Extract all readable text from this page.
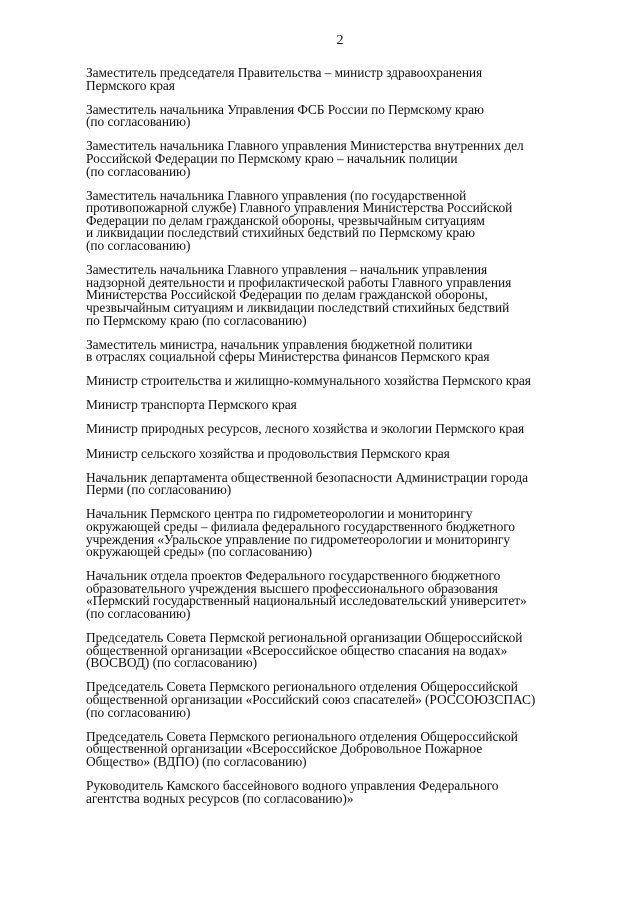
2

Заместитель председателя Правительства – министр здравоохранения
Пермского края

Заместитель начальника Управления ФСБ России по Пермскому краю
(по согласованию)

Заместитель начальника Главного управления Министерства внутренних дел
Российской Федерации по Пермскому краю – начальник полиции
(по согласованию)

Заместитель начальника Главного управления (по государственной
противопожарной службе) Главного управления Министерства Российской
Федерации по делам гражданской обороны, чрезвычайным ситуациям
и ликвидации последствий стихийных бедствий по Пермскому краю
(по согласованию)

Заместитель начальника Главного управления – начальник управления
надзорной деятельности и профилактической работы Главного управления
Министерства Российской Федерации по делам гражданской обороны,
чрезвычайным ситуациям и ликвидации последствий стихийных бедствий
по Пермскому краю (по согласованию)

Заместитель министра, начальник управления бюджетной политики
в отраслях социальной сферы Министерства финансов Пермского края

Министр строительства и жилищно-коммунального хозяйства Пермского края

Министр транспорта Пермского края

Министр природных ресурсов, лесного хозяйства и экологии Пермского края

Министр сельского хозяйства и продовольствия Пермского края

Начальник департамента общественной безопасности Администрации города
Перми (по согласованию)

Начальник Пермского центра по гидрометеорологии и мониторингу
окружающей среды – филиала федерального государственного бюджетного
учреждения «Уральское управление по гидрометеорологии и мониторингу
окружающей среды» (по согласованию)

Начальник отдела проектов Федерального государственного бюджетного
образовательного учреждения высшего профессионального образования
«Пермский государственный национальный исследовательский университет»
(по согласованию)

Председатель Совета Пермской региональной организации Общероссийской
общественной организации «Всероссийское общество спасания на водах»
(ВОСВОД) (по согласованию)

Председатель Совета Пермского регионального отделения Общероссийской
общественной организации «Российский союз спасателей» (РОССОЮЗСПАС)
(по согласованию)

Председатель Совета Пермского регионального отделения Общероссийской
общественной организации «Всероссийское Добровольное Пожарное
Общество» (ВДПО) (по согласованию)

Руководитель Камского бассейнового водного управления Федерального
агентства водных ресурсов (по согласованию)»
